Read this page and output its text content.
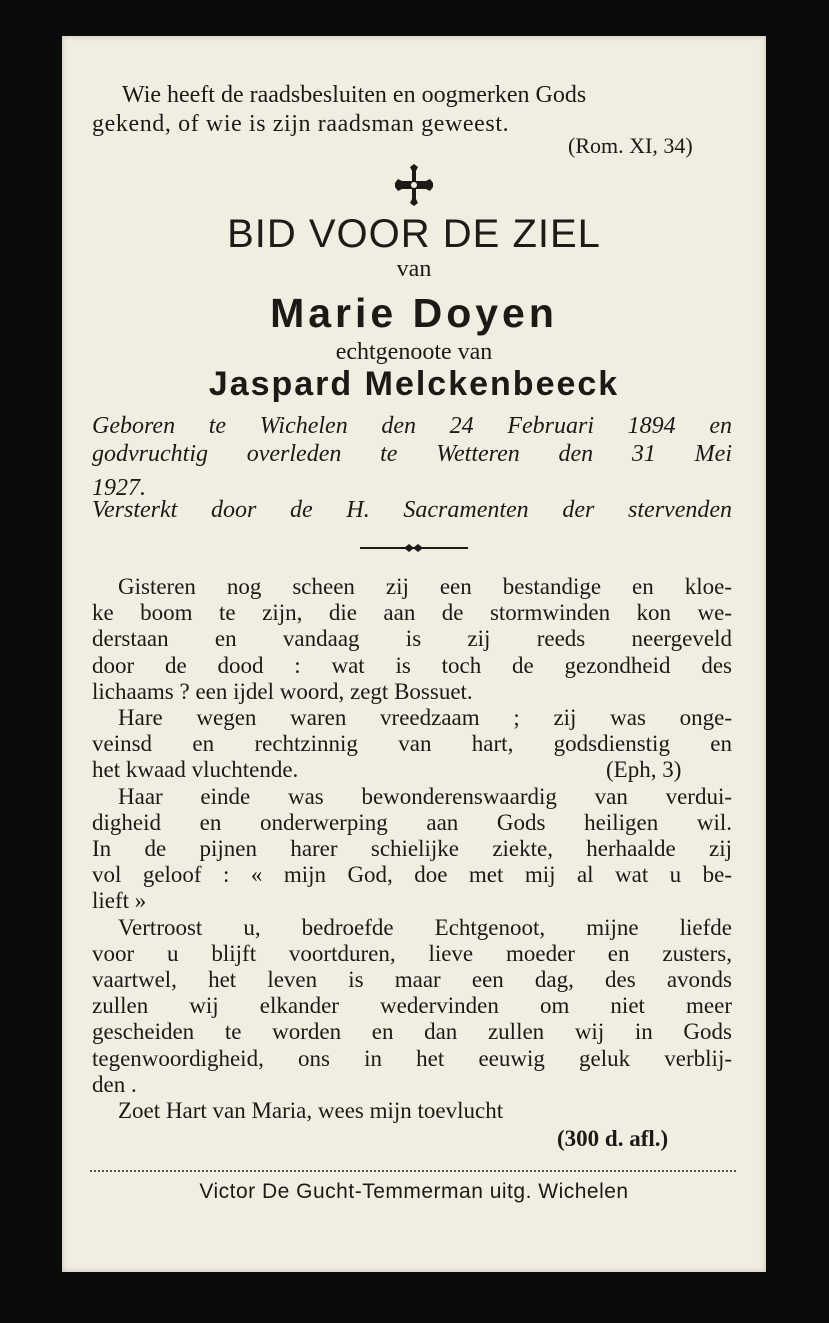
Wie heeft de raadsbesluiten en oogmerken Gods
gekend, of wie is zijn raadsman geweest.
(Rom. XI, 34)
BID VOOR DE ZIEL
van
Marie Doyen
echtgenoote van
Jaspard Melckenbeeck
Geboren te Wichelen den 24 Februari 1894 en
godvruchtig overleden te Wetteren den 31 Mei
1927.
Versterkt door de H. Sacramenten der stervenden
Gisteren nog scheen zij een bestandige en kloe-
ke boom te zijn, die aan de stormwinden kon we-
derstaan en vandaag is zij reeds neergeveld
door de dood : wat is toch de gezondheid des
lichaams ? een ijdel woord, zegt Bossuet.
Hare wegen waren vreedzaam ; zij was onge-
veinsd en rechtzinnig van hart, godsdienstig en
het kwaad vluchtende.	(Eph, 3)
Haar einde was bewonderenswaardig van verdui-
digheid en onderwerping aan Gods heiligen wil.
In de pijnen harer schielijke ziekte, herhaalde zij
vol geloof : « mijn God, doe met mij al wat u be-
lieft »
Vertroost u, bedroefde Echtgenoot, mijne liefde
voor u blijft voortduren, lieve moeder en zusters,
vaartwel, het leven is maar een dag, des avonds
zullen wij elkander wedervinden om niet meer
gescheiden te worden en dan zullen wij in Gods
tegenwoordigheid, ons in het eeuwig geluk verblij-
den .
Zoet Hart van Maria, wees mijn toevlucht
(300 d. afl.)
Victor De Gucht-Temmerman uitg. Wichelen
